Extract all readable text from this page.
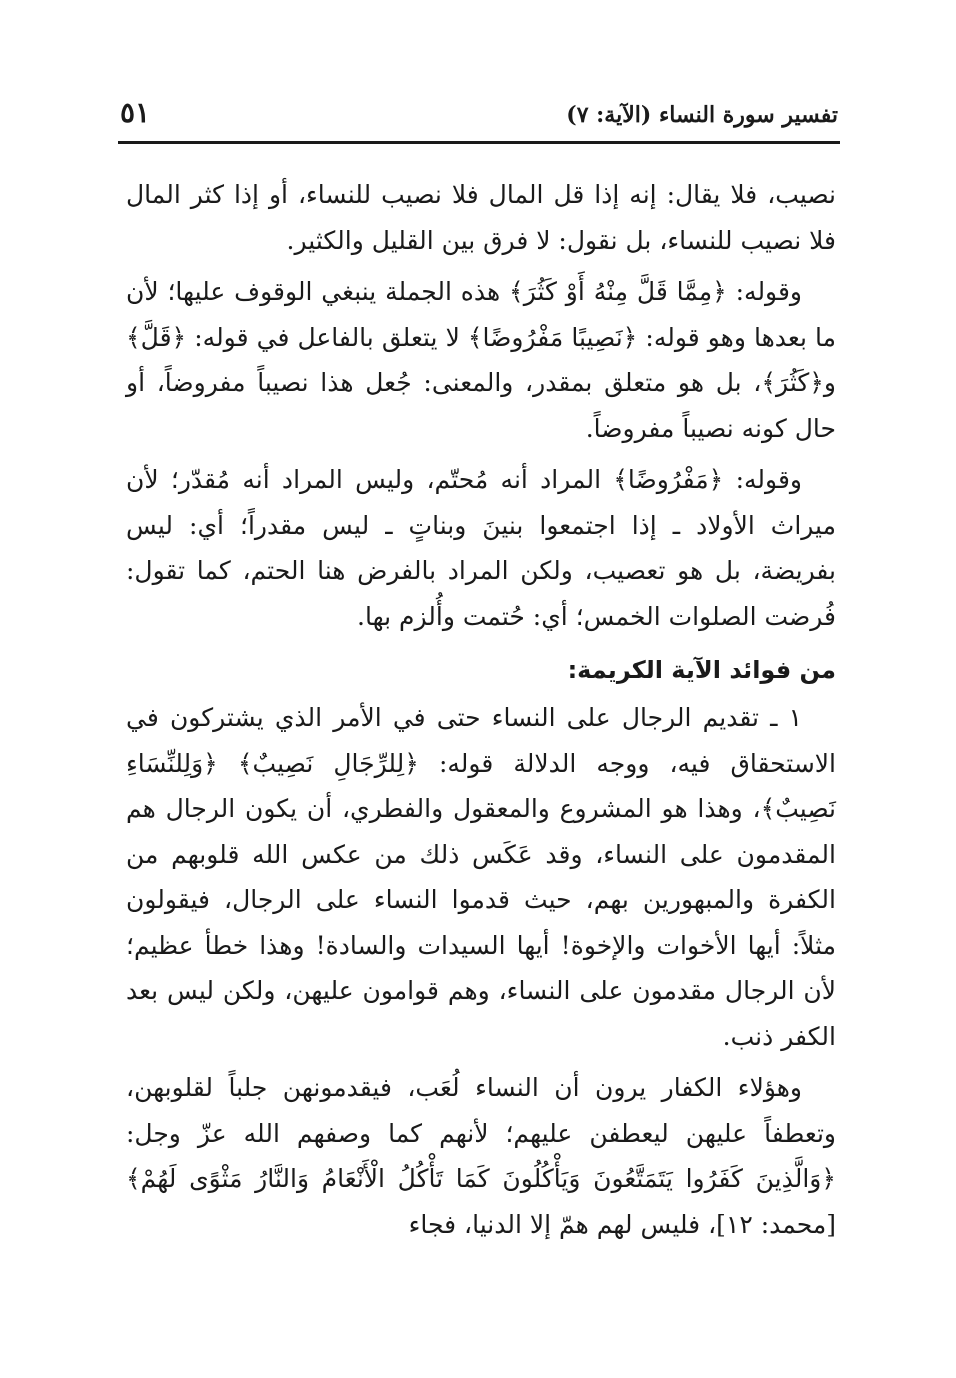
تفسير سورة النساء (الآية: ٧)
٥١

نصيب، فلا يقال: إنه إذا قل المال فلا نصيب للنساء، أو إذا كثر المال فلا نصيب للنساء، بل نقول: لا فرق بين القليل والكثير.

وقوله: ﴿مِمَّا قَلَّ مِنْهُ أَوْ كَثُرَ﴾ هذه الجملة ينبغي الوقوف عليها؛ لأن ما بعدها وهو قوله: ﴿نَصِيبًا مَفْرُوضًا﴾ لا يتعلق بالفاعل في قوله: ﴿قَلَّ﴾ و﴿كَثُرَ﴾، بل هو متعلق بمقدر، والمعنى: جُعل هذا نصيباً مفروضاً، أو حال كونه نصيباً مفروضاً.

وقوله: ﴿مَفْرُوضًا﴾ المراد أنه مُحتّم، وليس المراد أنه مُقدّر؛ لأن ميراث الأولاد ـ إذا اجتمعوا بنينَ وبناتٍ ـ ليس مقدراً؛ أي: ليس بفريضة، بل هو تعصيب، ولكن المراد بالفرض هنا الحتم، كما تقول: فُرضت الصلوات الخمس؛ أي: حُتمت وأُلزم بها.

من فوائد الآية الكريمة:

١ ـ تقديم الرجال على النساء حتى في الأمر الذي يشتركون في الاستحقاق فيه، ووجه الدلالة قوله: ﴿لِلرِّجَالِ نَصِيبٌ﴾ ﴿وَلِلنِّسَاءِ نَصِيبٌ﴾، وهذا هو المشروع والمعقول والفطري، أن يكون الرجال هم المقدمون على النساء، وقد عَكَس ذلك من عكس الله قلوبهم من الكفرة والمبهورين بهم، حيث قدموا النساء على الرجال، فيقولون مثلاً: أيها الأخوات والإخوة! أيها السيدات والسادة! وهذا خطأ عظيم؛ لأن الرجال مقدمون على النساء، وهم قوامون عليهن، ولكن ليس بعد الكفر ذنب.

وهؤلاء الكفار يرون أن النساء لُعَب، فيقدمونهن جلباً لقلوبهن، وتعطفاً عليهن ليعطفن عليهم؛ لأنهم كما وصفهم الله عزّ وجل: ﴿وَالَّذِينَ كَفَرُوا يَتَمَتَّعُونَ وَيَأْكُلُونَ كَمَا تَأْكُلُ الْأَنْعَامُ وَالنَّارُ مَثْوًى لَهُمْ﴾ [محمد: ١٢]، فليس لهم همّ إلا الدنيا، فجاء
